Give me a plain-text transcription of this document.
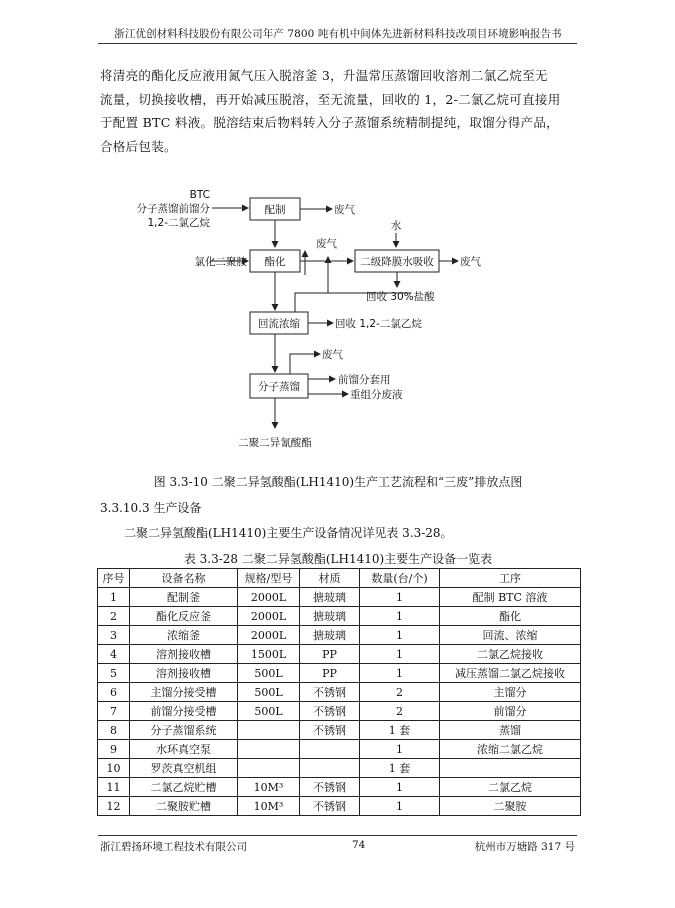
浙江优创材料科技股份有限公司年产 7800 吨有机中间体先进新材料科技改项目环境影响报告书

将清亮的酯化反应液用氮气压入脱溶釜 3，升温常压蒸馏回收溶剂二氯乙烷至无

流量，切换接收槽，再开始减压脱溶，至无流量，回收的 1，2-二氯乙烷可直接用

于配置 BTC 料液。脱溶结束后物料转入分子蒸馏系统精制提纯，取馏分得产品，

合格后包装。

BTC
分子蒸馏前馏分
1,2-二氯乙烷
配制	废气
氯化二聚胺 酯化
废气
水
二级降膜水吸收	废气
回收 30%盐酸
回流浓缩	回收 1,2-二氯乙烷
废气
分子蒸馏
前馏分套用
重组分废液
二聚二异氰酸酯
图 3.3-10 二聚二异氢酸酯(LH1410)生产工艺流程和“三废”排放点图
3.3.10.3 生产设备
二聚二异氢酸酯(LH1410)主要生产设备情况详见表 3.3-28。
表 3.3-28 二聚二异氢酸酯(LH1410)主要生产设备一览表
序号	设备名称	规格/型号	材质	数量(台/个)	工序
1	配制釜	2000L	搪玻璃	1	配制 BTC 溶液
2	酯化反应釜	2000L	搪玻璃	1	酯化
3	浓缩釜	2000L	搪玻璃	1	回流、浓缩
4	溶剂接收槽	1500L	PP	1	二氯乙烷接收
5	溶剂接收槽	500L	PP	1	减压蒸馏二氯乙烷接收
6	主馏分接受槽	500L	不锈钢	2	主馏分
7	前馏分接受槽	500L	不锈钢	2	前馏分
8	分子蒸馏系统		不锈钢	1 套	蒸馏
9	水环真空泵			1	浓缩二氯乙烷
10	罗茨真空机组			1 套	
11	二氯乙烷贮槽	10M³	不锈钢	1	二氯乙烷
12	二聚胺贮槽	10M³	不锈钢	1	二聚胺
浙江碧扬环境工程技术有限公司	74	杭州市万塘路 317 号
